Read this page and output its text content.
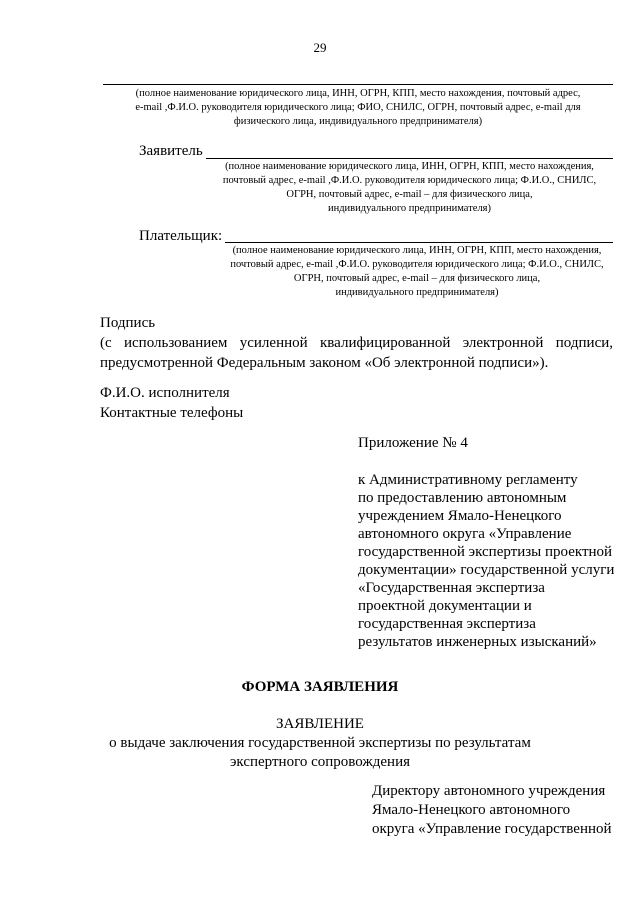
29
(полное наименование юридического лица, ИНН, ОГРН, КПП, место нахождения, почтовый адрес,
e-mail ,Ф.И.О. руководителя юридического лица; ФИО, СНИЛС, ОГРН, почтовый адрес, e-mail для
физического лица, индивидуального предпринимателя)
Заявитель
(полное наименование юридического лица, ИНН, ОГРН, КПП, место нахождения,
почтовый адрес, e-mail ,Ф.И.О. руководителя юридического лица; Ф.И.О., СНИЛС,
ОГРН, почтовый адрес, e-mail – для физического лица,
индивидуального предпринимателя)
Плательщик:
(полное наименование юридического лица, ИНН, ОГРН, КПП, место нахождения,
почтовый адрес, e-mail ,Ф.И.О. руководителя юридического лица; Ф.И.О., СНИЛС,
ОГРН, почтовый адрес, e-mail – для физического лица,
индивидуального предпринимателя)
Подпись
(с использованием усиленной квалифицированной электронной подписи,
предусмотренной Федеральным законом «Об электронной подписи»).
Ф.И.О. исполнителя
Контактные телефоны
Приложение № 4
к Административному регламенту
по предоставлению автономным
учреждением Ямало-Ненецкого
автономного округа «Управление
государственной экспертизы проектной
документации» государственной услуги
«Государственная экспертиза
проектной документации и
государственная экспертиза
результатов инженерных изысканий»
ФОРМА ЗАЯВЛЕНИЯ
ЗАЯВЛЕНИЕ
о выдаче заключения государственной экспертизы по результатам
экспертного сопровождения
Директору автономного учреждения
Ямало-Ненецкого автономного
округа «Управление государственной
